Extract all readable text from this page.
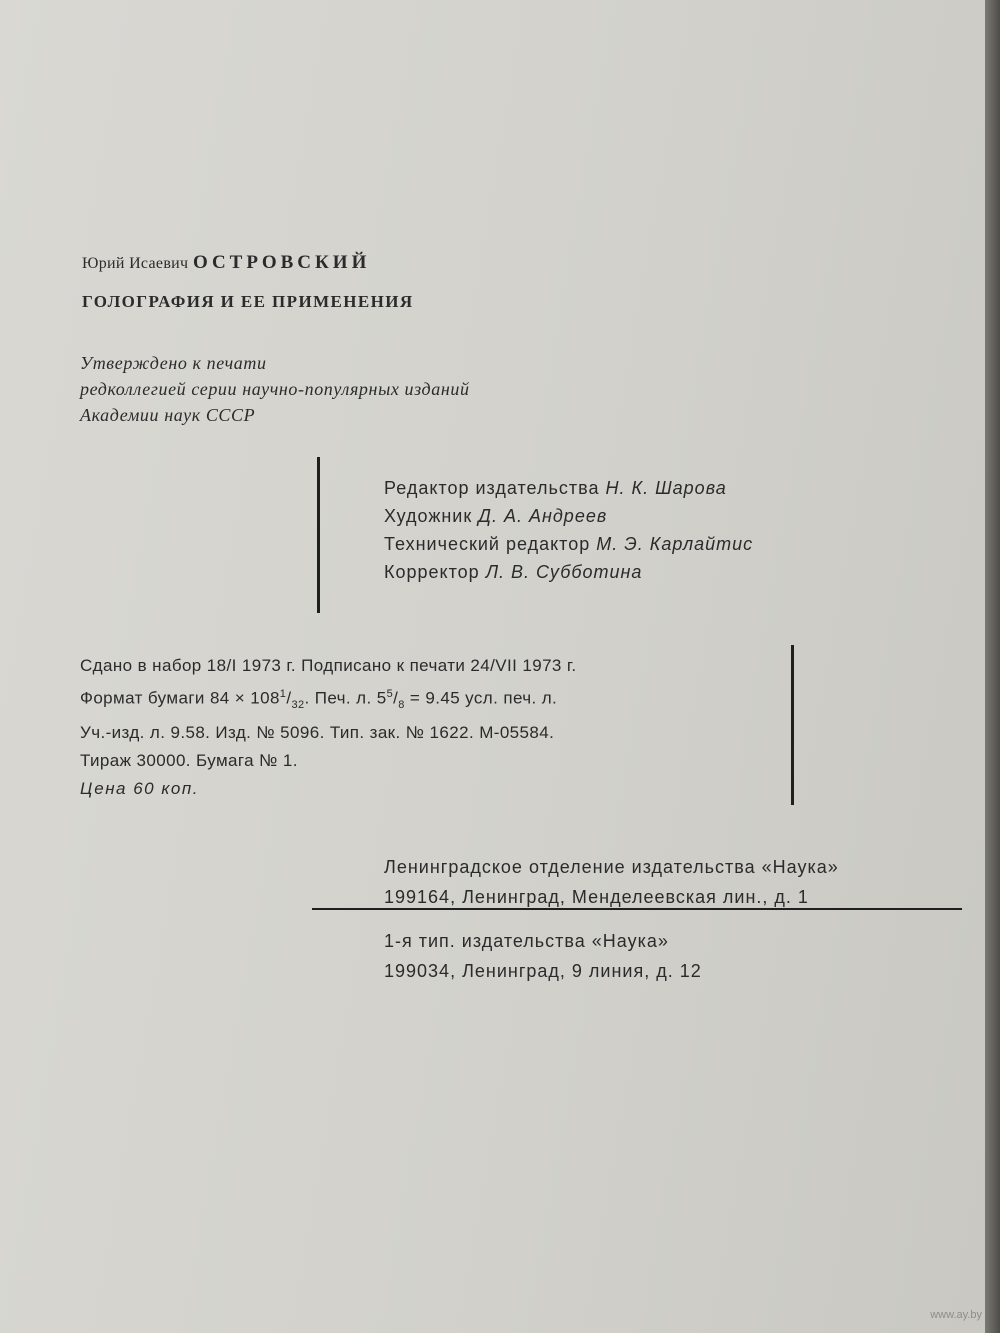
Юрий Исаевич ОСТРОВСКИЙ
ГОЛОГРАФИЯ И ЕЕ ПРИМЕНЕНИЯ
Утверждено к печати
редколлегией серии научно-популярных изданий
Академии наук СССР
Редактор издательства Н. К. Шарова
Художник Д. А. Андреев
Технический редактор М. Э. Карлайтис
Корректор Л. В. Субботина
Сдано в набор 18/I 1973 г. Подписано к печати 24/VII 1973 г.
Формат бумаги $84 \times 108^1/_{32}$. Печ. л. $5^5/_8 = 9.45$ усл. печ. л.
Уч.-изд. л. 9.58. Изд. № 5096. Тип. зак. № 1622. М-05584.
Тираж 30000. Бумага № 1.
Цена 60 коп.
Ленинградское отделение издательства «Наука»
199164, Ленинград, Менделеевская лин., д. 1
1-я тип. издательства «Наука»
199034, Ленинград, 9 линия, д. 12
www.ay.by
